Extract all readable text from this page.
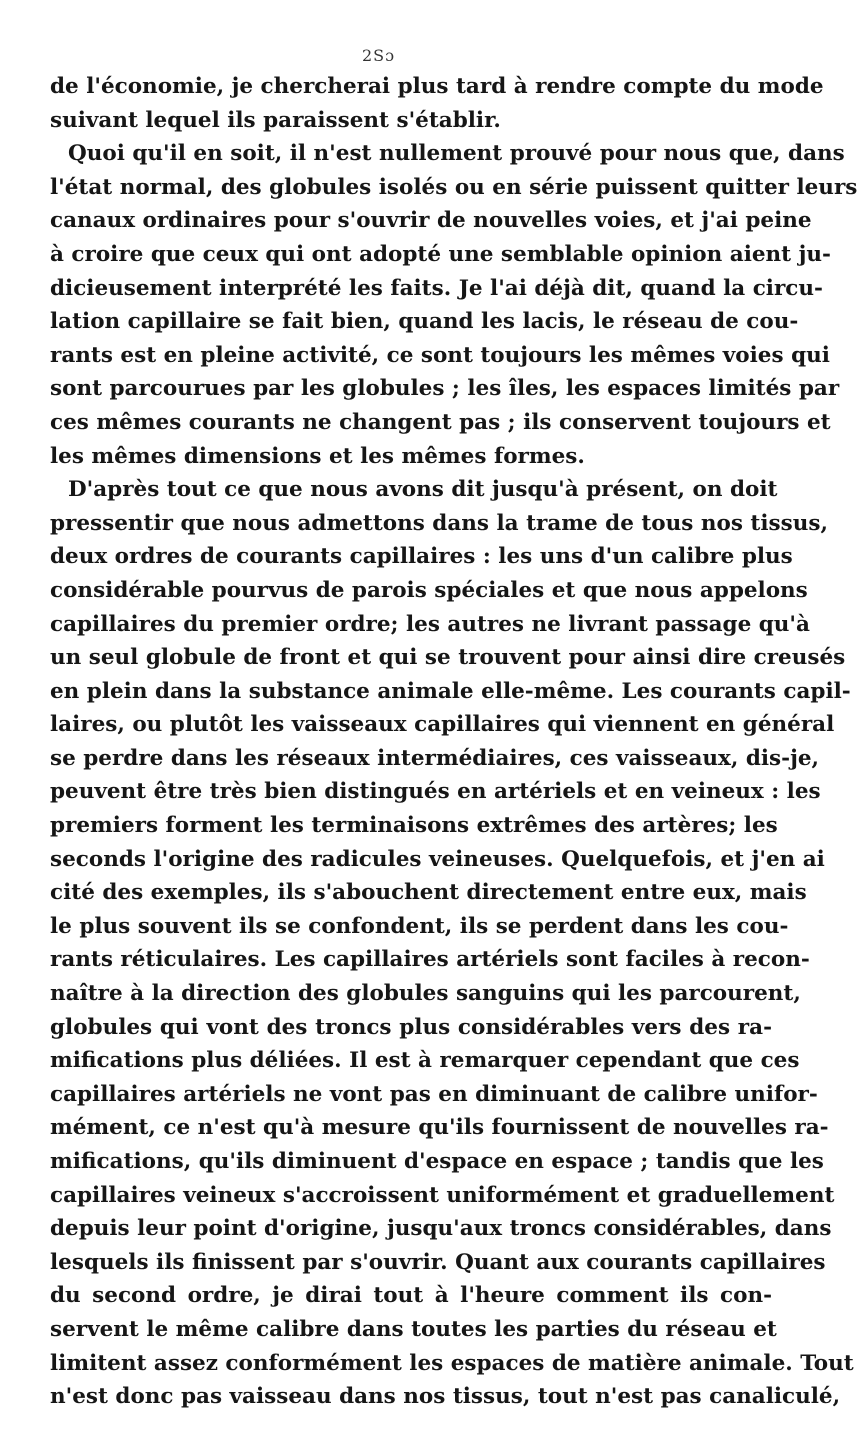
2Sɔ
de l'économie, je chercherai plus tard à rendre compte du mode
suivant lequel ils paraissent s'établir.
Quoi qu'il en soit, il n'est nullement prouvé pour nous que, dans
l'état normal, des globules isolés ou en série puissent quitter leurs
canaux ordinaires pour s'ouvrir de nouvelles voies, et j'ai peine
à croire que ceux qui ont adopté une semblable opinion aient ju-
dicieusement interprété les faits. Je l'ai déjà dit, quand la circu-
lation capillaire se fait bien, quand les lacis, le réseau de cou-
rants est en pleine activité, ce sont toujours les mêmes voies qui
sont parcourues par les globules ; les îles, les espaces limités par
ces mêmes courants ne changent pas ; ils conservent toujours et
les mêmes dimensions et les mêmes formes.
D'après tout ce que nous avons dit jusqu'à présent, on doit
pressentir que nous admettons dans la trame de tous nos tissus,
deux ordres de courants capillaires : les uns d'un calibre plus
considérable pourvus de parois spéciales et que nous appelons
capillaires du premier ordre; les autres ne livrant passage qu'à
un seul globule de front et qui se trouvent pour ainsi dire creusés
en plein dans la substance animale elle-même. Les courants capil-
laires, ou plutôt les vaisseaux capillaires qui viennent en général
se perdre dans les réseaux intermédiaires, ces vaisseaux, dis-je,
peuvent être très bien distingués en artériels et en veineux : les
premiers forment les terminaisons extrêmes des artères; les
seconds l'origine des radicules veineuses. Quelquefois, et j'en ai
cité des exemples, ils s'abouchent directement entre eux, mais
le plus souvent ils se confondent, ils se perdent dans les cou-
rants réticulaires. Les capillaires artériels sont faciles à recon-
naître à la direction des globules sanguins qui les parcourent,
globules qui vont des troncs plus considérables vers des ra-
mifications plus déliées. Il est à remarquer cependant que ces
capillaires artériels ne vont pas en diminuant de calibre unifor-
mément, ce n'est qu'à mesure qu'ils fournissent de nouvelles ra-
mifications, qu'ils diminuent d'espace en espace ; tandis que les
capillaires veineux s'accroissent uniformément et graduellement
depuis leur point d'origine, jusqu'aux troncs considérables, dans
lesquels ils finissent par s'ouvrir. Quant aux courants capillaires
du second ordre, je dirai tout à l'heure comment ils con-
servent le même calibre dans toutes les parties du réseau et
limitent assez conformément les espaces de matière animale. Tout
n'est donc pas vaisseau dans nos tissus, tout n'est pas canaliculé,
